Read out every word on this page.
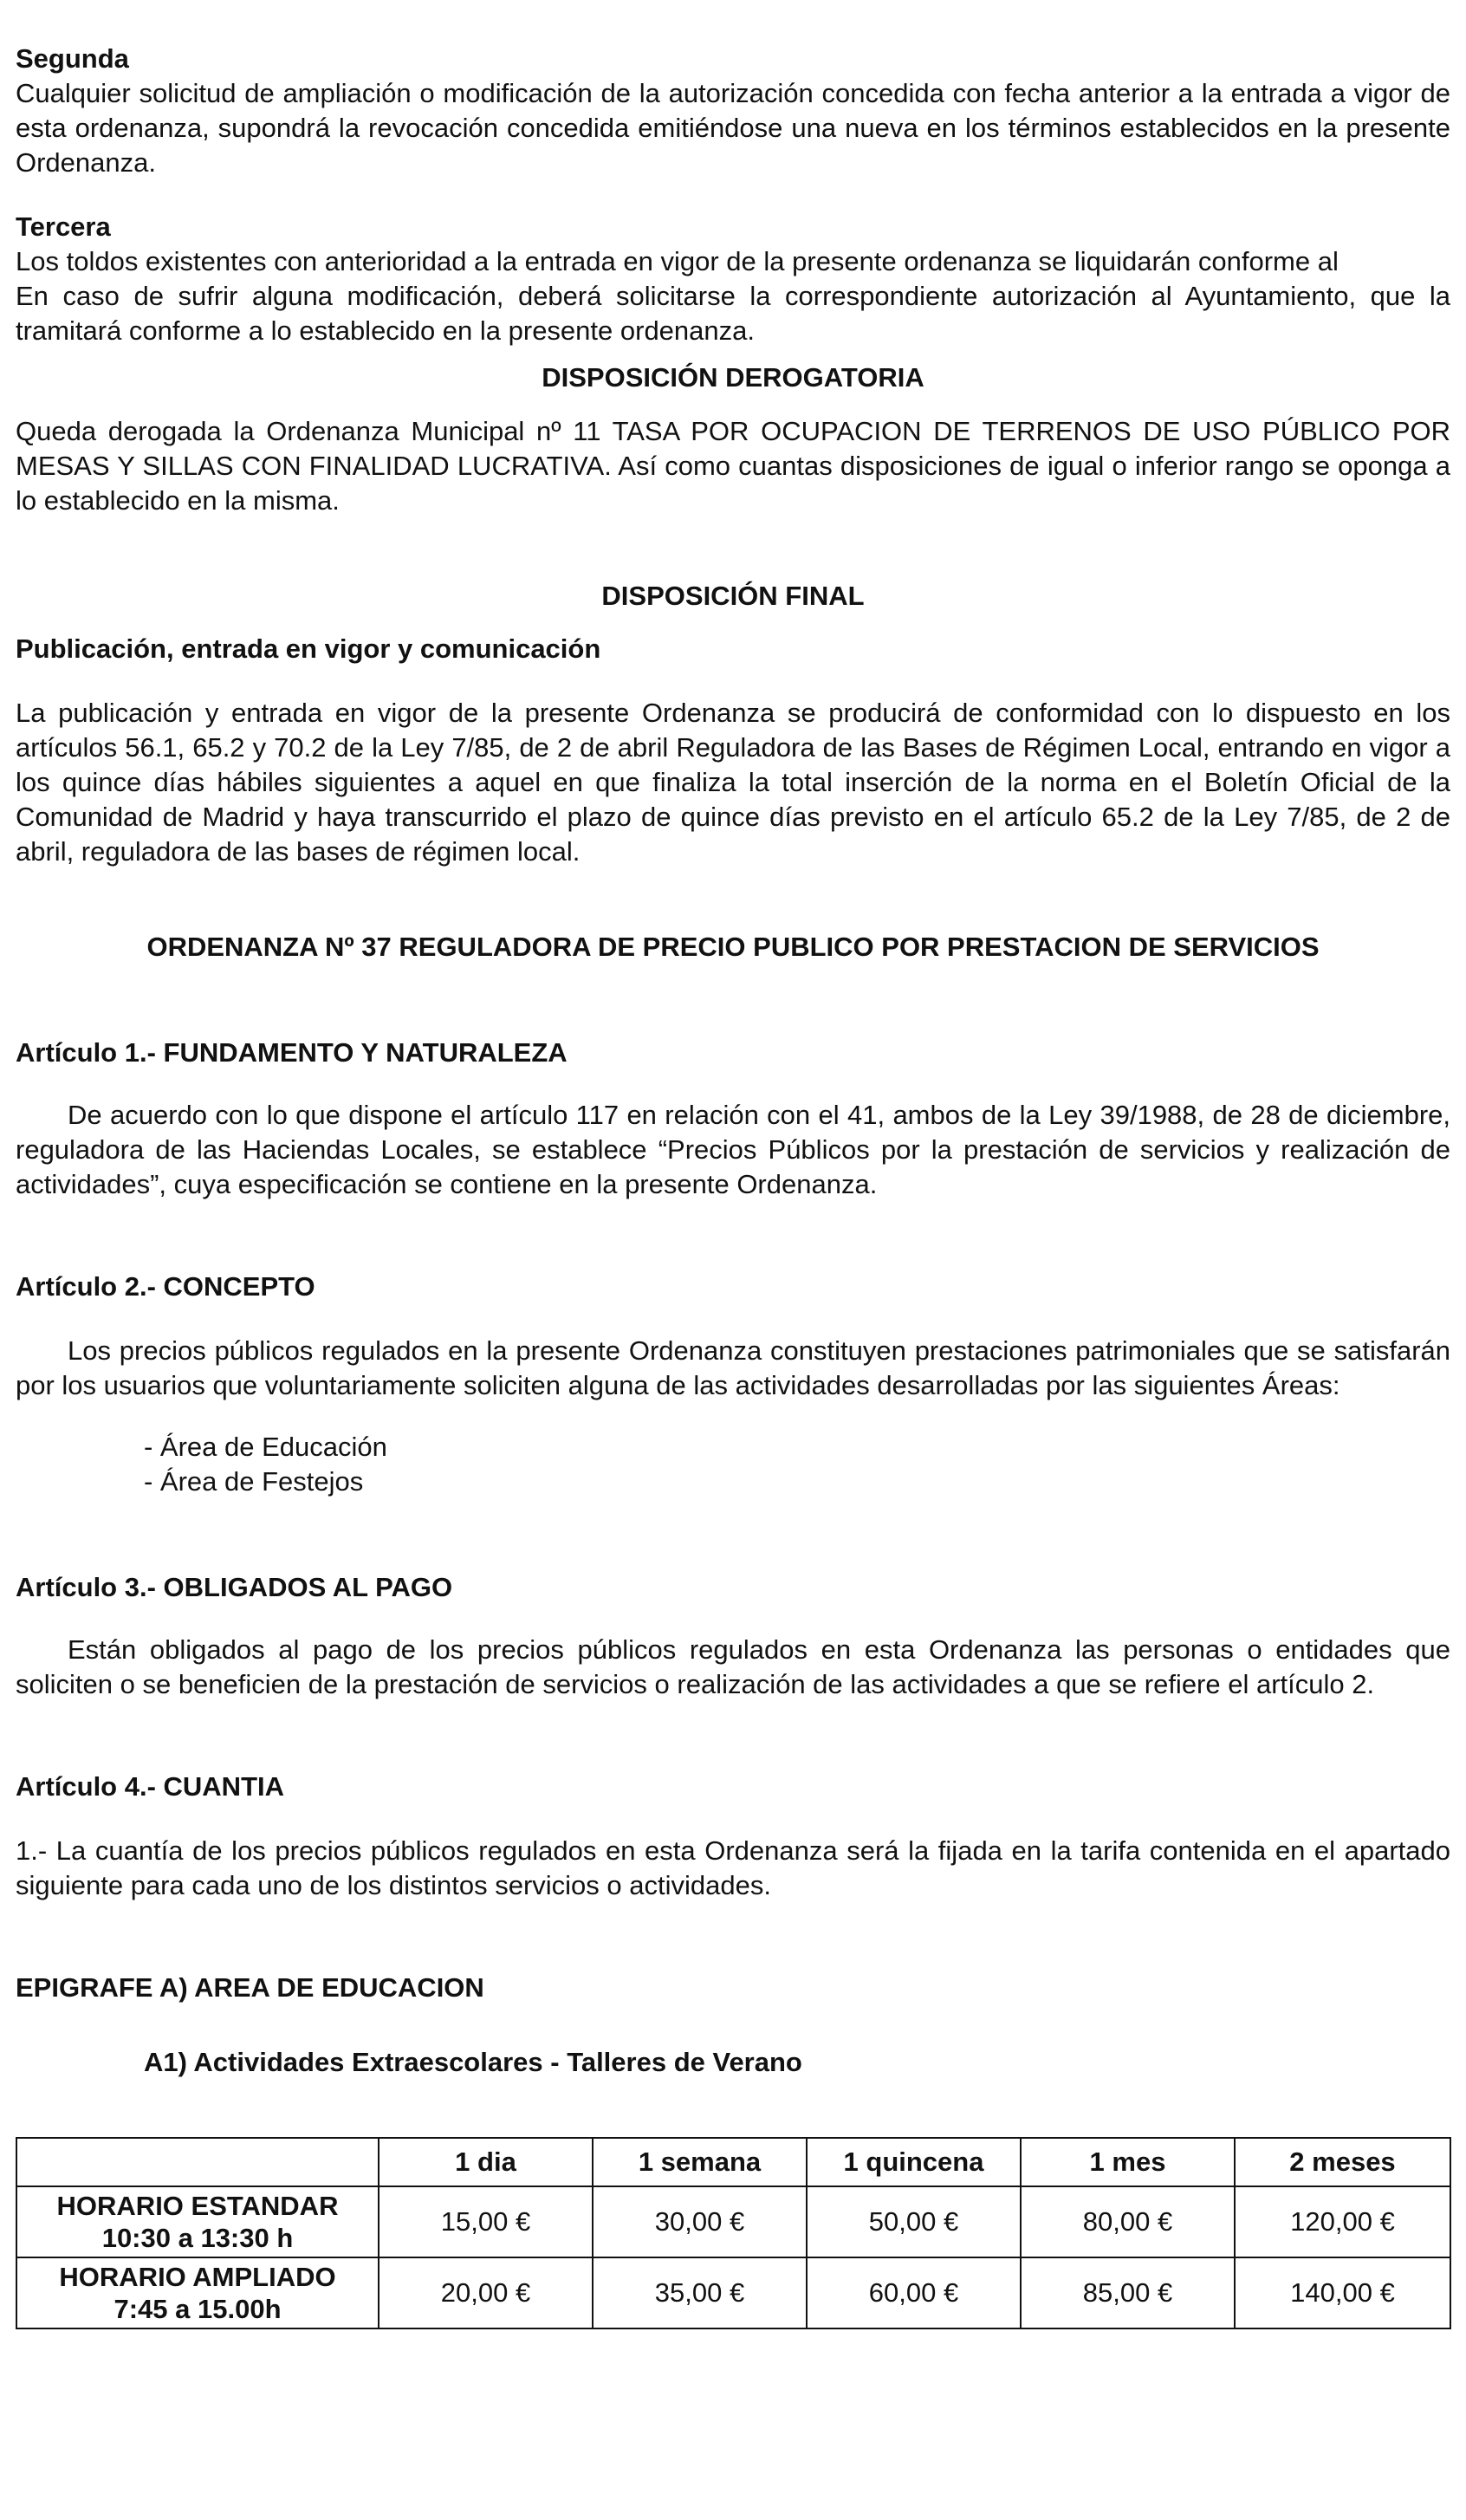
Segunda

Cualquier solicitud de ampliación o modificación de la autorización concedida con fecha anterior a la entrada a vigor de esta ordenanza, supondrá la revocación concedida emitiéndose una nueva en los términos establecidos en la presente Ordenanza.

Tercera

Los toldos existentes con anterioridad a la entrada en vigor de la presente ordenanza se liquidarán conforme al
En caso de sufrir alguna modificación, deberá solicitarse la correspondiente autorización al Ayuntamiento, que la tramitará conforme a lo establecido en la presente ordenanza.

DISPOSICIÓN DEROGATORIA

Queda derogada la Ordenanza Municipal nº 11 TASA POR OCUPACION DE TERRENOS DE USO PÚBLICO POR MESAS Y SILLAS CON FINALIDAD LUCRATIVA. Así como cuantas disposiciones de igual o inferior rango se oponga a lo establecido en la misma.

DISPOSICIÓN FINAL

Publicación, entrada en vigor y comunicación

La publicación y entrada en vigor de la presente Ordenanza se producirá de conformidad con lo dispuesto en los artículos 56.1, 65.2 y 70.2 de la Ley 7/85, de 2 de abril Reguladora de las Bases de Régimen Local, entrando en vigor a los quince días hábiles siguientes a aquel en que finaliza la total inserción de la norma en el Boletín Oficial de la Comunidad de Madrid y haya transcurrido el plazo de quince días previsto en el artículo 65.2 de la Ley 7/85, de 2 de abril, reguladora de las bases de régimen local.

ORDENANZA Nº 37 REGULADORA DE PRECIO PUBLICO POR PRESTACION DE SERVICIOS

Artículo 1.- FUNDAMENTO Y NATURALEZA

De acuerdo con lo que dispone el artículo 117 en relación con el 41, ambos de la Ley 39/1988, de 28 de diciembre, reguladora de las Haciendas Locales, se establece “Precios Públicos por la prestación de servicios y realización de actividades”, cuya especificación se contiene en la presente Ordenanza.

Artículo 2.- CONCEPTO

Los precios públicos regulados en la presente Ordenanza constituyen prestaciones patrimoniales que se satisfarán por los usuarios que voluntariamente soliciten alguna de las actividades desarrolladas por las siguientes Áreas:

- Área de Educación
- Área de Festejos

Artículo 3.- OBLIGADOS AL PAGO

Están obligados al pago de los precios públicos regulados en esta Ordenanza las personas o entidades que soliciten o se beneficien de la prestación de servicios o realización de las actividades a que se refiere el artículo 2.

Artículo 4.- CUANTIA

1.- La cuantía de los precios públicos regulados en esta Ordenanza será la fijada en la tarifa contenida en el apartado siguiente para cada uno de los distintos servicios o actividades.

EPIGRAFE A) AREA DE EDUCACION

A1) Actividades Extraescolares - Talleres de Verano

	1 dia	1 semana	1 quincena	1 mes	2 meses

HORARIO ESTANDAR
10:30 a 13:30 h	15,00 €	30,00 €	50,00 €	80,00 €	120,00 €

HORARIO AMPLIADO
7:45 a 15.00h	20,00 €	35,00 €	60,00 €	85,00 €	140,00 €
